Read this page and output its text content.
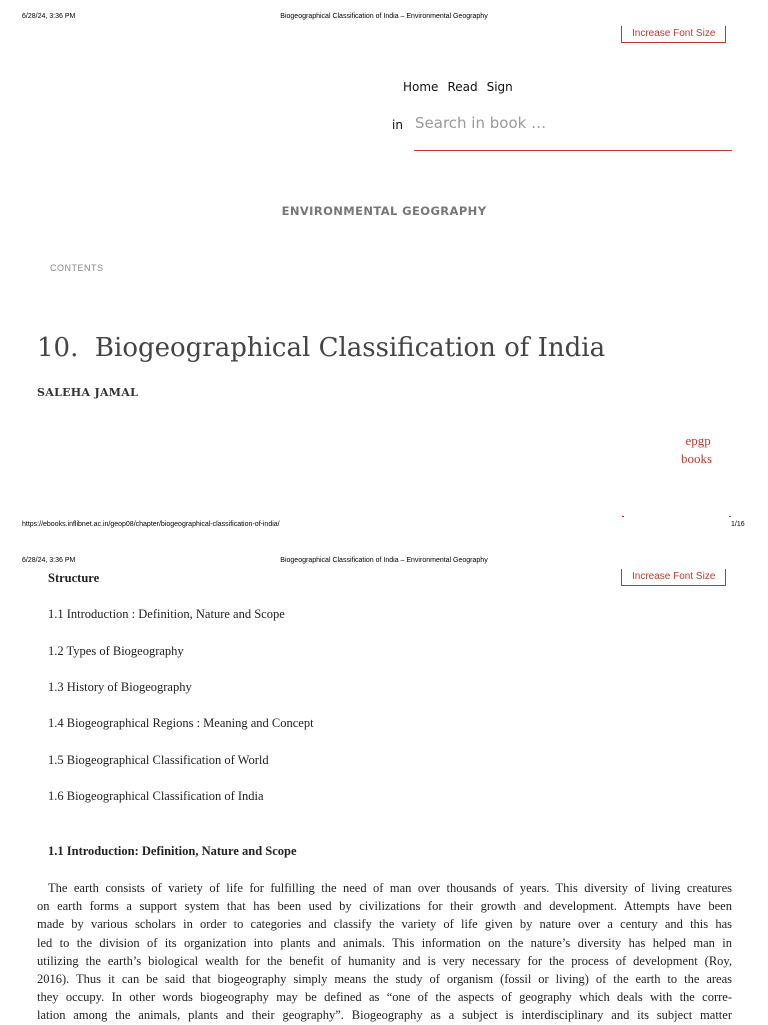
6/28/24, 3:36 PM	Biogeographical Classification of India – Environmental Geography
Increase Font Size
Home Read Sign
in Search in book …
ENVIRONMENTAL GEOGRAPHY
CONTENTS
10. Biogeographical Classification of India
SALEHA JAMAL
epgp books
https://ebooks.inflibnet.ac.in/geop08/chapter/biogeographical-classification-of-india/	1/16
6/28/24, 3:36 PM	Biogeographical Classification of India – Environmental Geography
Increase Font Size
Structure
1.1 Introduction : Definition, Nature and Scope
1.2 Types of Biogeography
1.3 History of Biogeography
1.4 Biogeographical Regions : Meaning and Concept
1.5 Biogeographical Classification of World
1.6 Biogeographical Classification of India
1.1 Introduction: Definition, Nature and Scope
The earth consists of variety of life for fulfilling the need of man over thousands of years. This diversity of living creatures
on earth forms a support system that has been used by civilizations for their growth and development. Attempts have been
made by various scholars in order to categories and classify the variety of life given by nature over a century and this has
led to the division of its organization into plants and animals. This information on the nature’s diversity has helped man in
utilizing the earth’s biological wealth for the benefit of humanity and is very necessary for the process of development (Roy,
2016). Thus it can be said that biogeography simply means the study of organism (fossil or living) of the earth to the areas
they occupy. In other words biogeography may be defined as “one of the aspects of geography which deals with the corre-
lation among the animals, plants and their geography”. Biogeography as a subject is interdisciplinary and its subject matter
